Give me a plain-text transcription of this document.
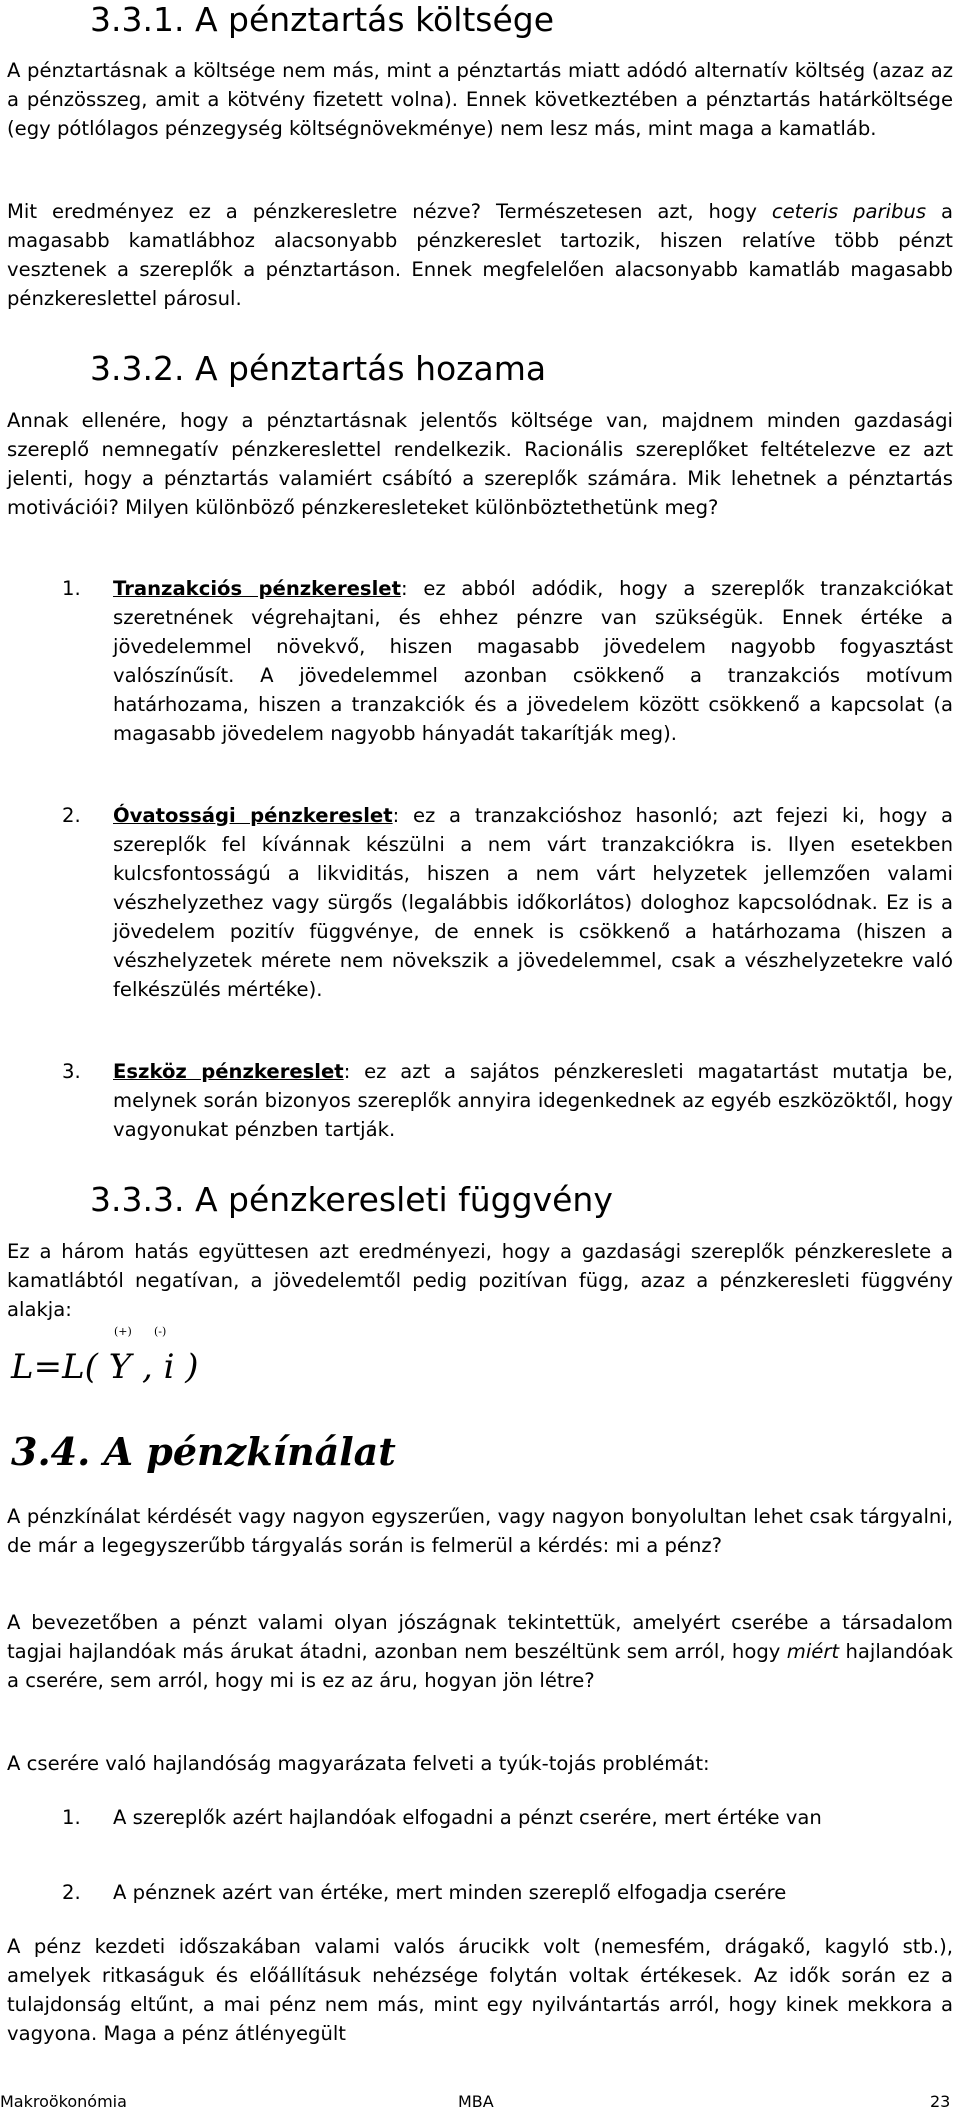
3.3.1. A pénztartás költsége

A pénztartásnak a költsége nem más, mint a pénztartás miatt adódó alternatív költség (azaz az a pénzösszeg, amit a kötvény fizetett volna). Ennek következtében a pénztartás határköltsége (egy pótlólagos pénzegység költségnövekménye) nem lesz más, mint maga a kamatláb.

Mit eredményez ez a pénzkeresletre nézve? Természetesen azt, hogy ceteris paribus a magasabb kamatlábhoz alacsonyabb pénzkereslet tartozik, hiszen relatíve több pénzt vesztenek a szereplők a pénztartáson. Ennek megfelelően alacsonyabb kamatláb magasabb pénzkereslettel párosul.

3.3.2. A pénztartás hozama

Annak ellenére, hogy a pénztartásnak jelentős költsége van, majdnem minden gazdasági szereplő nemnegatív pénzkereslettel rendelkezik. Racionális szereplőket feltételezve ez azt jelenti, hogy a pénztartás valamiért csábító a szereplők számára. Mik lehetnek a pénztartás motivációi? Milyen különböző pénzkeresleteket különböztethetünk meg?

1. Tranzakciós pénzkereslet: ez abból adódik, hogy a szereplők tranzakciókat szeretnének végrehajtani, és ehhez pénzre van szükségük. Ennek értéke a jövedelemmel növekvő, hiszen magasabb jövedelem nagyobb fogyasztást valószínűsít. A jövedelemmel azonban csökkenő a tranzakciós motívum határhozama, hiszen a tranzakciók és a jövedelem között csökkenő a kapcsolat (a magasabb jövedelem nagyobb hányadát takarítják meg).
2. Óvatossági pénzkereslet: ez a tranzakcióshoz hasonló; azt fejezi ki, hogy a szereplők fel kívánnak készülni a nem várt tranzakciókra is. Ilyen esetekben kulcsfontosságú a likviditás, hiszen a nem várt helyzetek jellemzően valami vészhelyzethez vagy sürgős (legalábbis időkorlátos) dologhoz kapcsolódnak. Ez is a jövedelem pozitív függvénye, de ennek is csökkenő a határhozama (hiszen a vészhelyzetek mérete nem növekszik a jövedelemmel, csak a vészhelyzetekre való felkészülés mértéke).
3. Eszköz pénzkereslet: ez azt a sajátos pénzkeresleti magatartást mutatja be, melynek során bizonyos szereplők annyira idegenkednek az egyéb eszközöktől, hogy vagyonukat pénzben tartják.
3.3.3. A pénzkeresleti függvény

Ez a három hatás együttesen azt eredményezi, hogy a gazdasági szereplők pénzkereslete a kamatlábtól negatívan, a jövedelemtől pedig pozitívan függ, azaz a pénzkeresleti függvény alakja:

(+) (-)
L=L( Y , i )
3.4. A pénzkínálat

A pénzkínálat kérdését vagy nagyon egyszerűen, vagy nagyon bonyolultan lehet csak tárgyalni, de már a legegyszerűbb tárgyalás során is felmerül a kérdés: mi a pénz?

A bevezetőben a pénzt valami olyan jószágnak tekintettük, amelyért cserébe a társadalom tagjai hajlandóak más árukat átadni, azonban nem beszéltünk sem arról, hogy miért hajlandóak a cserére, sem arról, hogy mi is ez az áru, hogyan jön létre?

A cserére való hajlandóság magyarázata felveti a tyúk-tojás problémát:

1. A szereplők azért hajlandóak elfogadni a pénzt cserére, mert értéke van
2. A pénznek azért van értéke, mert minden szereplő elfogadja cserére

A pénz kezdeti időszakában valami valós árucikk volt (nemesfém, drágakő, kagyló stb.), amelyek ritkaságuk és előállításuk nehézsége folytán voltak értékesek. Az idők során ez a tulajdonság eltűnt, a mai pénz nem más, mint egy nyilvántartás arról, hogy kinek mekkora a vagyona. Maga a pénz átlényegült

Makroökonómia	MBA	23
